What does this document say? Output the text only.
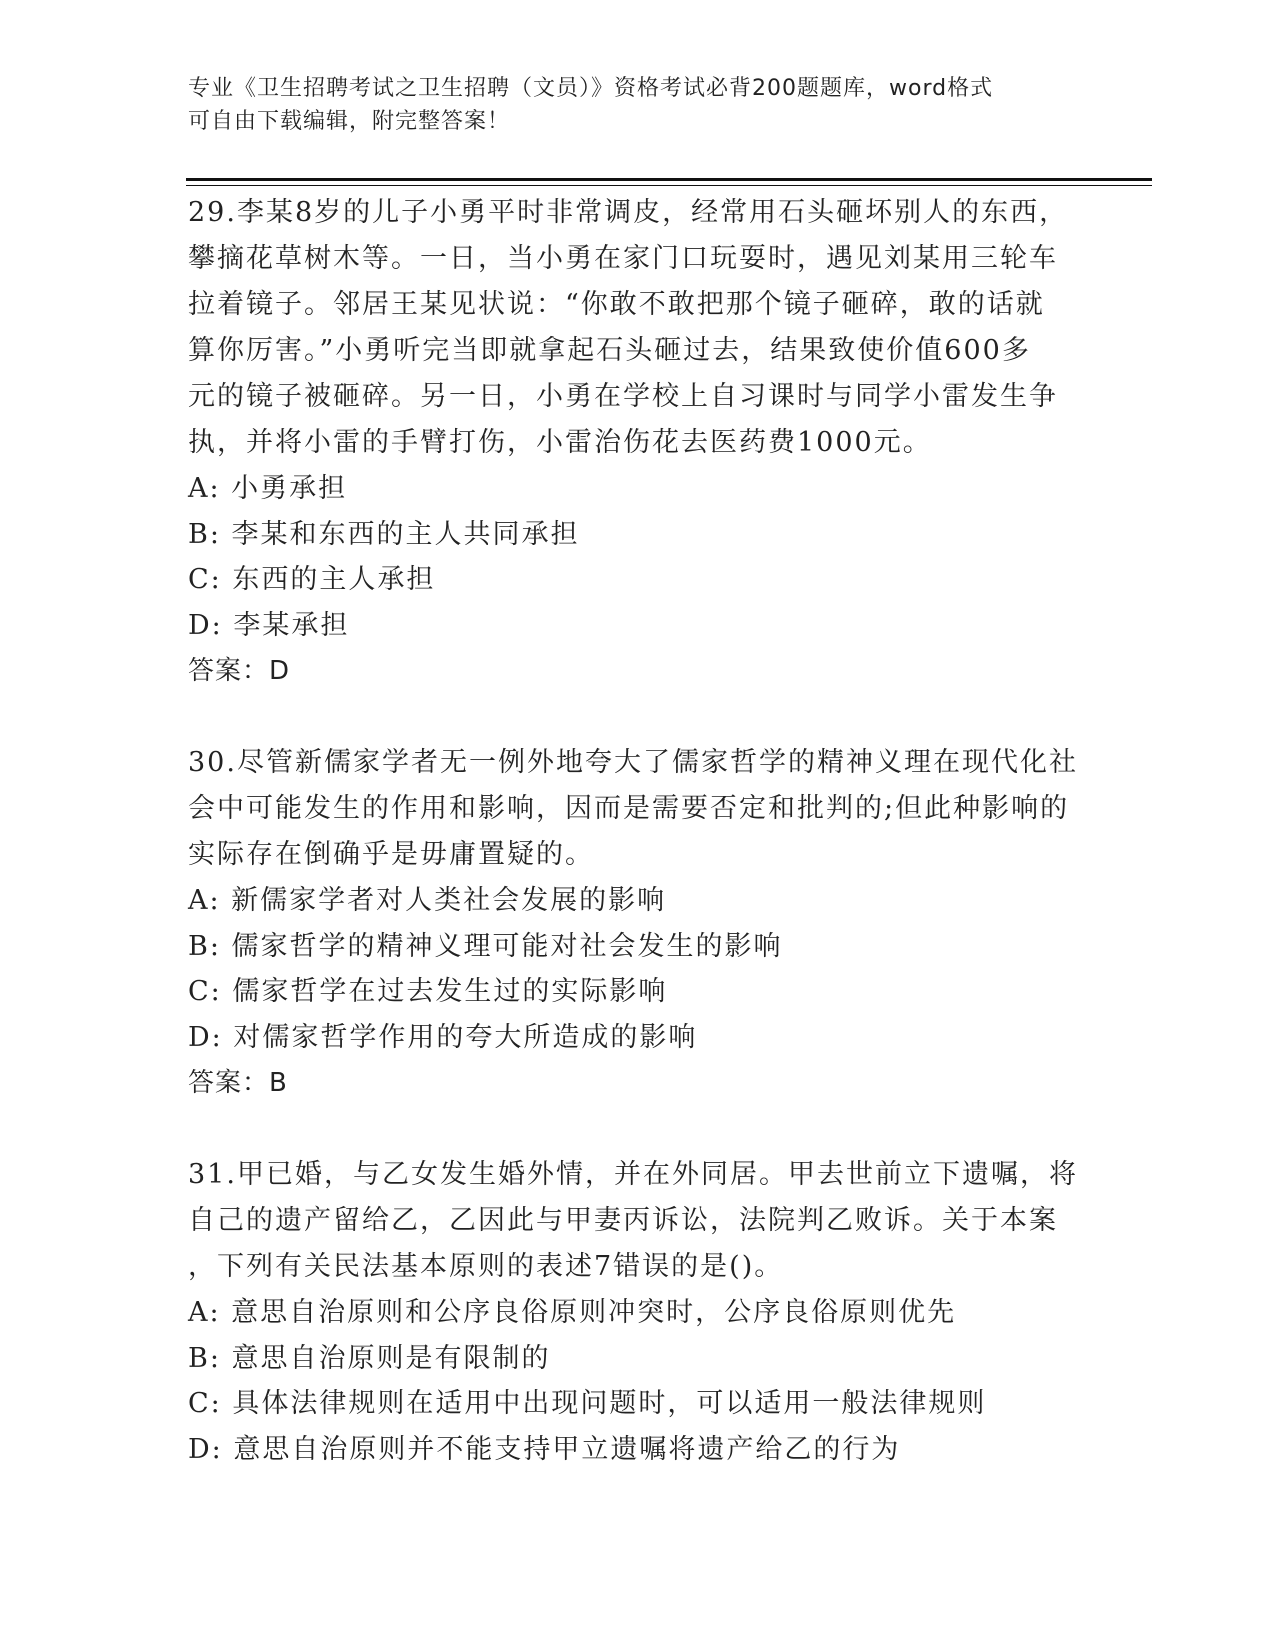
专业《卫生招聘考试之卫生招聘（文员）》资格考试必背200题题库，word格式
可自由下载编辑，附完整答案！
29.李某8岁的儿子小勇平时非常调皮，经常用石头砸坏别人的东西，
攀摘花草树木等。一日，当小勇在家门口玩耍时，遇见刘某用三轮车
拉着镜子。邻居王某见状说：“你敢不敢把那个镜子砸碎，敢的话就
算你厉害。”小勇听完当即就拿起石头砸过去，结果致使价值600多
元的镜子被砸碎。另一日，小勇在学校上自习课时与同学小雷发生争
执，并将小雷的手臂打伤，小雷治伤花去医药费1000元。
A: 小勇承担
B: 李某和东西的主人共同承担
C: 东西的主人承担
D: 李某承担
答案：D
30.尽管新儒家学者无一例外地夸大了儒家哲学的精神义理在现代化社
会中可能发生的作用和影响，因而是需要否定和批判的;但此种影响的
实际存在倒确乎是毋庸置疑的。
A: 新儒家学者对人类社会发展的影响
B: 儒家哲学的精神义理可能对社会发生的影响
C: 儒家哲学在过去发生过的实际影响
D: 对儒家哲学作用的夸大所造成的影响
答案：B
31.甲已婚，与乙女发生婚外情，并在外同居。甲去世前立下遗嘱，将
自己的遗产留给乙，乙因此与甲妻丙诉讼，法院判乙败诉。关于本案
，下列有关民法基本原则的表述7错误的是()。
A: 意思自治原则和公序良俗原则冲突时，公序良俗原则优先
B: 意思自治原则是有限制的
C: 具体法律规则在适用中出现问题时，可以适用一般法律规则
D: 意思自治原则并不能支持甲立遗嘱将遗产给乙的行为
